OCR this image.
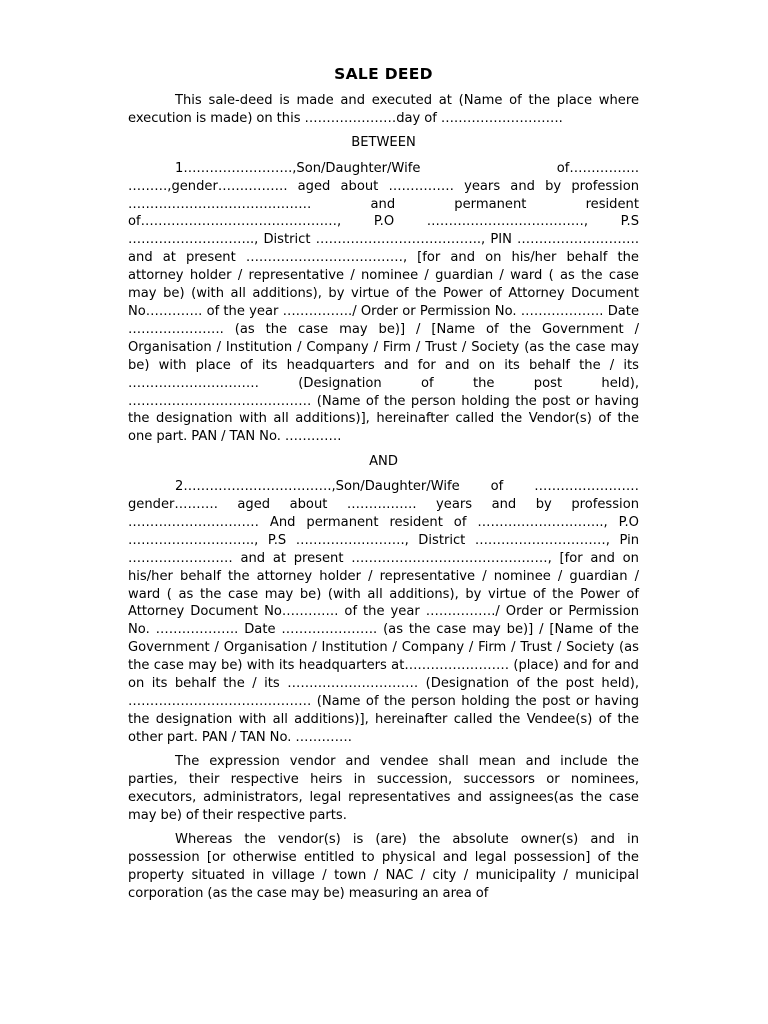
SALE DEED

This sale-deed is made and executed at (Name of the place where execution is made) on this …………………day of ……………………….

BETWEEN

1…………………….,Son/Daughter/Wife of……………. ………,gender……………. aged about …………… years and by profession …………………………………… and permanent resident of………………………………………, P.O ………………………………, P.S ……………………….., District ……………………………….., PIN ………………………. and at present ………………………………, [for and on his/her behalf the attorney holder / representative / nominee / guardian / ward ( as the case may be) (with all additions), by virtue of the Power of Attorney Document No…………. of the year ……………./ Order or Permission No. ………………. Date …………………. (as the case may be)] / [Name of the Government / Organisation / Institution / Company / Firm / Trust / Society (as the case may be) with place of its headquarters and for and on its behalf the / its ………………………… (Designation of the post held), …………………………………… (Name of the person holding the post or having the designation with all additions)], hereinafter called the Vendor(s) of the one part. PAN / TAN No. ………….

AND

2…………………………….,Son/Daughter/Wife of ……………………gender………. aged about ……………. years and by profession ………………………… And permanent resident of ……………………….., P.O ……………………….., P.S ……………………., District …………………………, Pin …………………… and at present ………………………………………, [for and on his/her behalf the attorney holder / representative / nominee / guardian / ward ( as the case may be) (with all additions), by virtue of the Power of Attorney Document No…………. of the year ……………./ Order or Permission No. ………………. Date …………………. (as the case may be)] / [Name of the Government / Organisation / Institution / Company / Firm / Trust / Society (as the case may be) with its headquarters at…………………… (place) and for and on its behalf the / its ………………………… (Designation of the post held), …………………………………… (Name of the person holding the post or having the designation with all additions)], hereinafter called the Vendee(s) of the other part. PAN / TAN No. ………….

The expression vendor and vendee shall mean and include the parties, their respective heirs in succession, successors or nominees, executors, administrators, legal representatives and assignees(as the case may be) of their respective parts.

Whereas the vendor(s) is (are) the absolute owner(s) and in possession [or otherwise entitled to physical and legal possession] of the property situated in village / town / NAC / city / municipality / municipal corporation (as the case may be) measuring an area of
